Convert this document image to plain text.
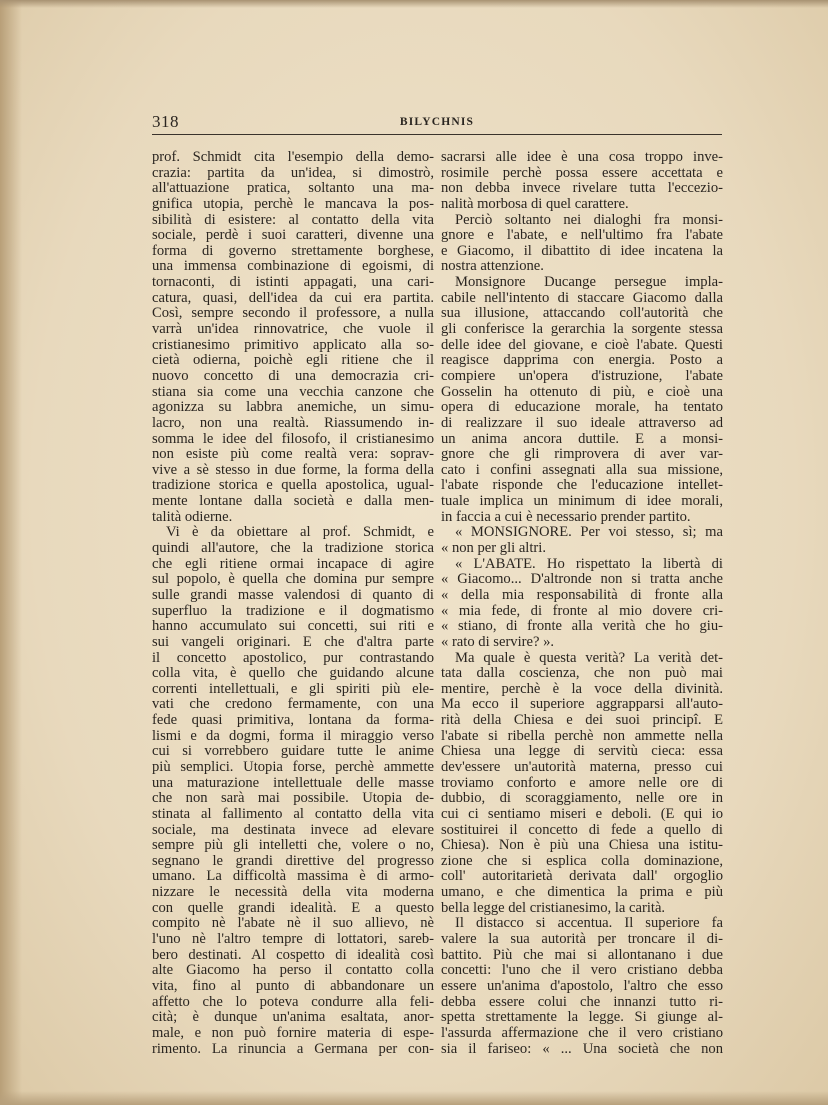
318	BILYCHNIS
prof. Schmidt cita l'esempio della demo-
crazia: partita da un'idea, si dimostrò,
all'attuazione pratica, soltanto una ma-
gnifica utopia, perchè le mancava la pos-
sibilità di esistere: al contatto della vita
sociale, perdè i suoi caratteri, divenne una
forma di governo strettamente borghese,
una immensa combinazione di egoismi, di
tornaconti, di istinti appagati, una cari-
catura, quasi, dell'idea da cui era partita.
Così, sempre secondo il professore, a nulla
varrà un'idea rinnovatrice, che vuole il
cristianesimo primitivo applicato alla so-
cietà odierna, poichè egli ritiene che il
nuovo concetto di una democrazia cri-
stiana sia come una vecchia canzone che
agonizza su labbra anemiche, un simu-
lacro, non una realtà. Riassumendo in-
somma le idee del filosofo, il cristianesimo
non esiste più come realtà vera: soprav-
vive a sè stesso in due forme, la forma della
tradizione storica e quella apostolica, ugual-
mente lontane dalla società e dalla men-
talità odierne.
Vi è da obiettare al prof. Schmidt, e
quindi all'autore, che la tradizione storica
che egli ritiene ormai incapace di agire
sul popolo, è quella che domina pur sempre
sulle grandi masse valendosi di quanto di
superfluo la tradizione e il dogmatismo
hanno accumulato sui concetti, sui riti e
sui vangeli originari. E che d'altra parte
il concetto apostolico, pur contrastando
colla vita, è quello che guidando alcune
correnti intellettuali, e gli spiriti più ele-
vati che credono fermamente, con una
fede quasi primitiva, lontana da forma-
lismi e da dogmi, forma il miraggio verso
cui si vorrebbero guidare tutte le anime
più semplici. Utopia forse, perchè ammette
una maturazione intellettuale delle masse
che non sarà mai possibile. Utopia de-
stinata al fallimento al contatto della vita
sociale, ma destinata invece ad elevare
sempre più gli intelletti che, volere o no,
segnano le grandi direttive del progresso
umano. La difficoltà massima è di armo-
nizzare le necessità della vita moderna
con quelle grandi idealità. E a questo
compito nè l'abate nè il suo allievo, nè
l'uno nè l'altro tempre di lottatori, sareb-
bero destinati. Al cospetto di idealità così
alte Giacomo ha perso il contatto colla
vita, fino al punto di abbandonare un
affetto che lo poteva condurre alla feli-
cità; è dunque un'anima esaltata, anor-
male, e non può fornire materia di espe-
rimento. La rinuncia a Germana per con-
sacrarsi alle idee è una cosa troppo inve-
rosimile perchè possa essere accettata e
non debba invece rivelare tutta l'eccezio-
nalità morbosa di quel carattere.
Perciò soltanto nei dialoghi fra monsi-
gnore e l'abate, e nell'ultimo fra l'abate
e Giacomo, il dibattito di idee incatena la
nostra attenzione.
Monsignore Ducange persegue impla-
cabile nell'intento di staccare Giacomo dalla
sua illusione, attaccando coll'autorità che
gli conferisce la gerarchia la sorgente stessa
delle idee del giovane, e cioè l'abate. Questi
reagisce dapprima con energia. Posto a
compiere un'opera d'istruzione, l'abate
Gosselin ha ottenuto di più, e cioè una
opera di educazione morale, ha tentato
di realizzare il suo ideale attraverso ad
un anima ancora duttile. E a monsi-
gnore che gli rimprovera di aver var-
cato i confini assegnati alla sua missione,
l'abate risponde che l'educazione intellet-
tuale implica un minimum di idee morali,
in faccia a cui è necessario prender partito.
« MONSIGNORE. Per voi stesso, sì; ma
« non per gli altri.
« L'ABATE. Ho rispettato la libertà di
« Giacomo... D'altronde non si tratta anche
« della mia responsabilità di fronte alla
« mia fede, di fronte al mio dovere cri-
« stiano, di fronte alla verità che ho giu-
« rato di servire? ».
Ma quale è questa verità? La verità det-
tata dalla coscienza, che non può mai
mentire, perchè è la voce della divinità.
Ma ecco il superiore aggrapparsi all'auto-
rità della Chiesa e dei suoi principî. E
l'abate si ribella perchè non ammette nella
Chiesa una legge di servitù cieca: essa
dev'essere un'autorità materna, presso cui
troviamo conforto e amore nelle ore di
dubbio, di scoraggiamento, nelle ore in
cui ci sentiamo miseri e deboli. (E qui io
sostituirei il concetto di fede a quello di
Chiesa). Non è più una Chiesa una istitu-
zione che si esplica colla dominazione,
coll' autoritarietà derivata dall' orgoglio
umano, e che dimentica la prima e più
bella legge del cristianesimo, la carità.
Il distacco si accentua. Il superiore fa
valere la sua autorità per troncare il di-
battito. Più che mai si allontanano i due
concetti: l'uno che il vero cristiano debba
essere un'anima d'apostolo, l'altro che esso
debba essere colui che innanzi tutto ri-
spetta strettamente la legge. Si giunge al-
l'assurda affermazione che il vero cristiano
sia il fariseo: « ... Una società che non
